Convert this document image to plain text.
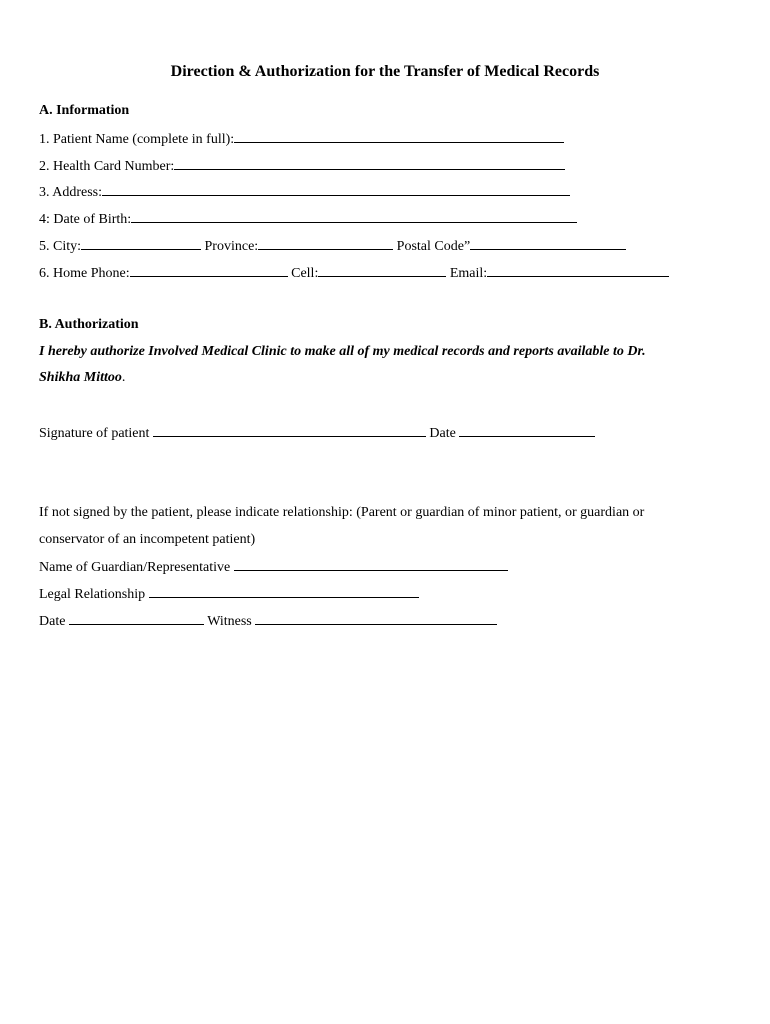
Direction & Authorization for the Transfer of Medical Records
A. Information
1. Patient Name (complete in full):
2. Health Card Number:
3. Address:
4: Date of Birth:
5. City:	Province:	Postal Code”
6. Home Phone:	Cell:	Email:
B. Authorization
I hereby authorize Involved Medical Clinic to make all of my medical records and reports available to Dr.
Shikha Mittoo.
Signature of patient	Date
If not signed by the patient, please indicate relationship: (Parent or guardian of minor patient, or guardian or
conservator of an incompetent patient)
Name of Guardian/Representative
Legal Relationship
Date	Witness
